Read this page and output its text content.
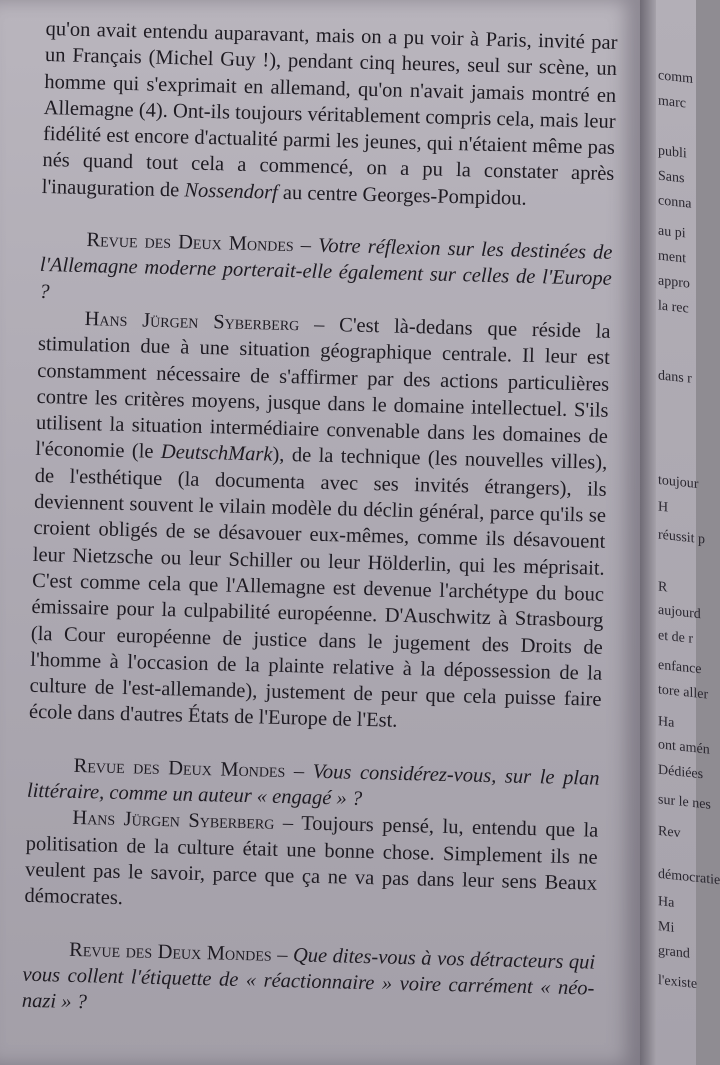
qu'on avait entendu auparavant, mais on a pu voir à Paris, invité par un Français (Michel Guy !), pendant cinq heures, seul sur scène, un homme qui s'exprimait en allemand, qu'on n'avait jamais montré en Allemagne (4). Ont-ils toujours véritablement compris cela, mais leur fidélité est encore d'actualité parmi les jeunes, qui n'étaient même pas nés quand tout cela a commencé, on a pu la constater après l'inauguration de Nossendorf au centre Georges-Pompidou.

Revue des Deux Mondes – Votre réflexion sur les destinées de l'Allemagne moderne porterait-elle également sur celles de l'Europe ?

Hans Jürgen Syberberg – C'est là-dedans que réside la stimulation due à une situation géographique centrale. Il leur est constamment nécessaire de s'affirmer par des actions particulières contre les critères moyens, jusque dans le domaine intellectuel. S'ils utilisent la situation intermédiaire convenable dans les domaines de l'économie (le DeutschMark), de la technique (les nouvelles villes), de l'esthétique (la documenta avec ses invités étrangers), ils deviennent souvent le vilain modèle du déclin général, parce qu'ils se croient obligés de se désavouer eux-mêmes, comme ils désavouent leur Nietzsche ou leur Schiller ou leur Hölderlin, qui les méprisait. C'est comme cela que l'Allemagne est devenue l'archétype du bouc émissaire pour la culpabilité européenne. D'Auschwitz à Strasbourg (la Cour européenne de justice dans le jugement des Droits de l'homme à l'occasion de la plainte relative à la dépossession de la culture de l'est-allemande), justement de peur que cela puisse faire école dans d'autres États de l'Europe de l'Est.

Revue des Deux Mondes – Vous considérez-vous, sur le plan littéraire, comme un auteur « engagé » ?

Hans Jürgen Syberberg – Toujours pensé, lu, entendu que la politisation de la culture était une bonne chose. Simplement ils ne veulent pas le savoir, parce que ça ne va pas dans leur sens Beaux démocrates.

Revue des Deux Mondes – Que dites-vous à vos détracteurs qui vous collent l'étiquette de « réactionnaire » voire carrément « néo-nazi » ?

comm
marc
publi
Sans
conna
au pi
ment
appro
la rec
dans r
toujour
H
réussit p
R
aujourd
et de r
enfance
tore aller
Ha
ont amén
Dédiées
sur le nes
Rev
démocratie
Ha
Mi
grand
l'existe
